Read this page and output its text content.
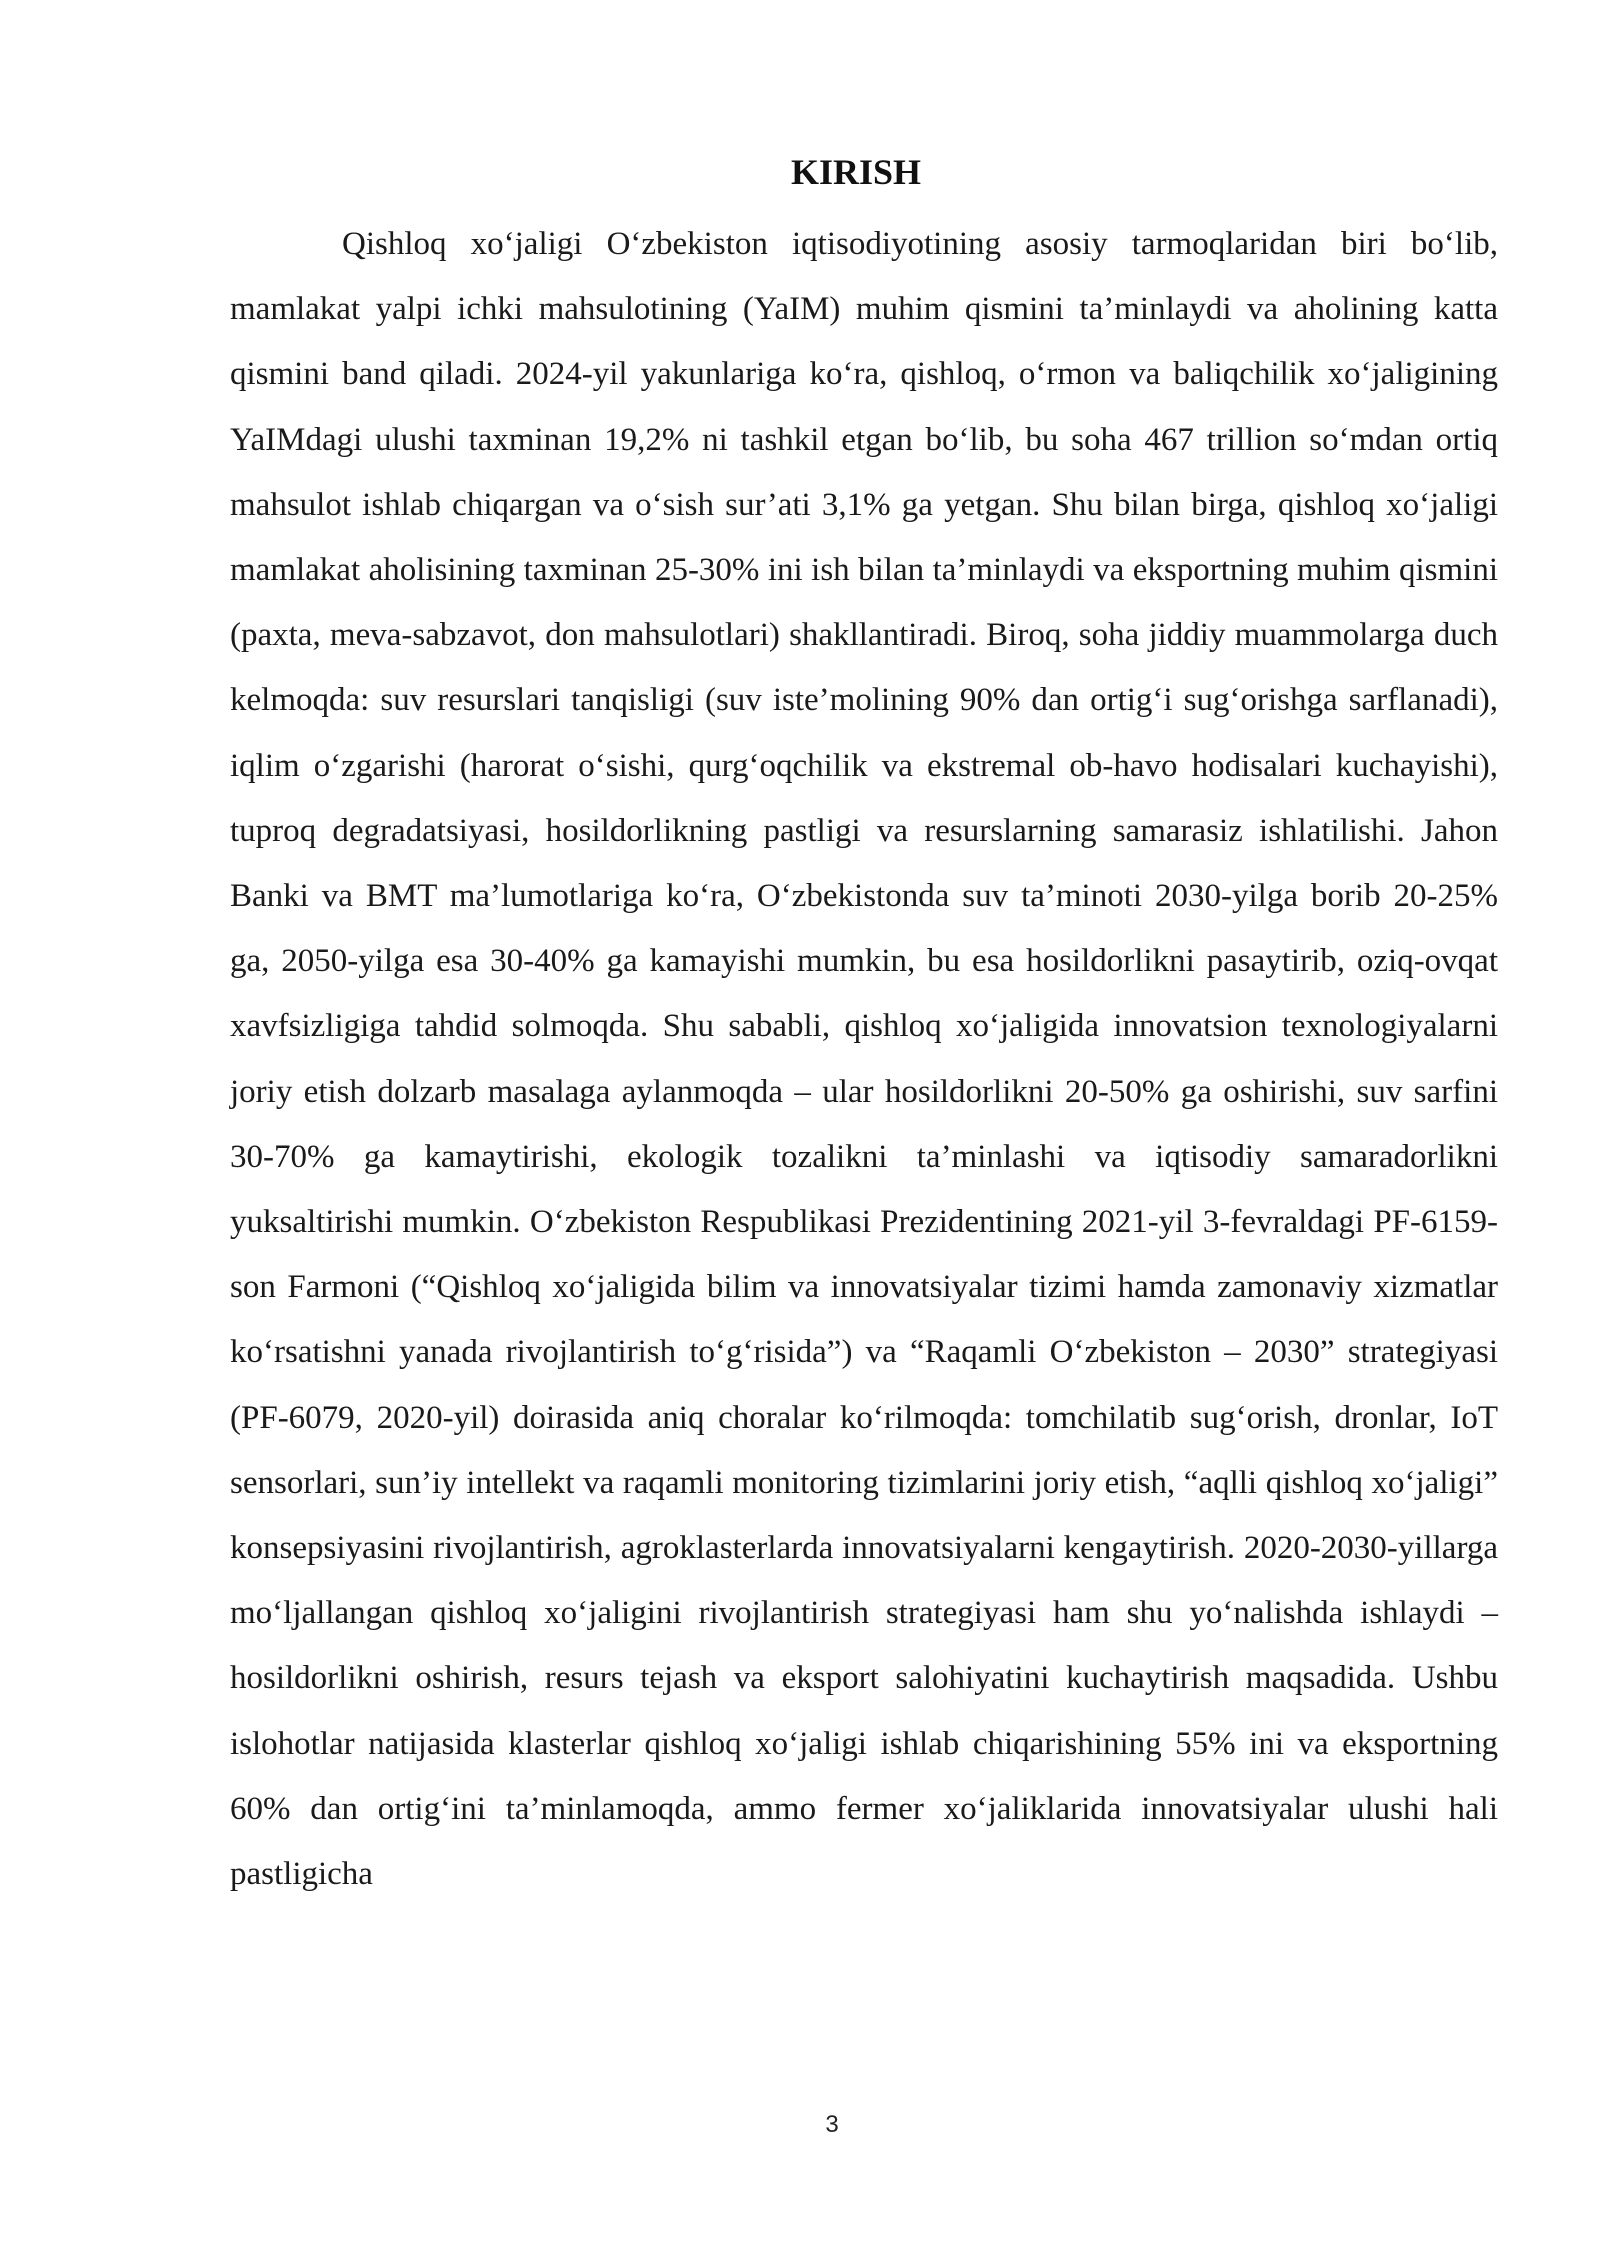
KIRISH

Qishloq xo‘jaligi O‘zbekiston iqtisodiyotining asosiy tarmoqlaridan biri bo‘lib, mamlakat yalpi ichki mahsulotining (YaIM) muhim qismini ta’minlaydi va aholining katta qismini band qiladi. 2024-yil yakunlariga ko‘ra, qishloq, o‘rmon va baliqchilik xo‘jaligining YaIMdagi ulushi taxminan 19,2% ni tashkil etgan bo‘lib, bu soha 467 trillion so‘mdan ortiq mahsulot ishlab chiqargan va o‘sish sur’ati 3,1% ga yetgan. Shu bilan birga, qishloq xo‘jaligi mamlakat aholisining taxminan 25-30% ini ish bilan ta’minlaydi va eksportning muhim qismini (paxta, meva-sabzavot, don mahsulotlari) shakllantiradi. Biroq, soha jiddiy muammolarga duch kelmoqda: suv resurslari tanqisligi (suv iste’molining 90% dan ortig‘i sug‘orishga sarflanadi), iqlim o‘zgarishi (harorat o‘sishi, qurg‘oqchilik va ekstremal ob-havo hodisalari kuchayishi), tuproq degradatsiyasi, hosildorlikning pastligi va resurslarning samarasiz ishlatilishi. Jahon Banki va BMT ma’lumotlariga ko‘ra, O‘zbekistonda suv ta’minoti 2030-yilga borib 20-25% ga, 2050-yilga esa 30-40% ga kamayishi mumkin, bu esa hosildorlikni pasaytirib, oziq-ovqat xavfsizligiga tahdid solmoqda. Shu sababli, qishloq xo‘jaligida innovatsion texnologiyalarni joriy etish dolzarb masalaga aylanmoqda – ular hosildorlikni 20-50% ga oshirishi, suv sarfini 30-70% ga kamaytirishi, ekologik tozalikni ta’minlashi va iqtisodiy samaradorlikni yuksaltirishi mumkin. O‘zbekiston Respublikasi Prezidentining 2021-yil 3-fevraldagi PF-6159-son Farmoni (“Qishloq xo‘jaligida bilim va innovatsiyalar tizimi hamda zamonaviy xizmatlar ko‘rsatishni yanada rivojlantirish to‘g‘risida”) va “Raqamli O‘zbekiston – 2030” strategiyasi (PF-6079, 2020-yil) doirasida aniq choralar ko‘rilmoqda: tomchilatib sug‘orish, dronlar, IoT sensorlari, sun’iy intellekt va raqamli monitoring tizimlarini joriy etish, “aqlli qishloq xo‘jaligi” konsepsiyasini rivojlantirish, agroklasterlarda innovatsiyalarni kengaytirish. 2020-2030-yillarga mo‘ljallangan qishloq xo‘jaligini rivojlantirish strategiyasi ham shu yo‘nalishda ishlaydi – hosildorlikni oshirish, resurs tejash va eksport salohiyatini kuchaytirish maqsadida. Ushbu islohotlar natijasida klasterlar qishloq xo‘jaligi ishlab chiqarishining 55% ini va eksportning 60% dan ortig‘ini ta’minlamoqda, ammo fermer xo‘jaliklarida innovatsiyalar ulushi hali pastligicha

3
